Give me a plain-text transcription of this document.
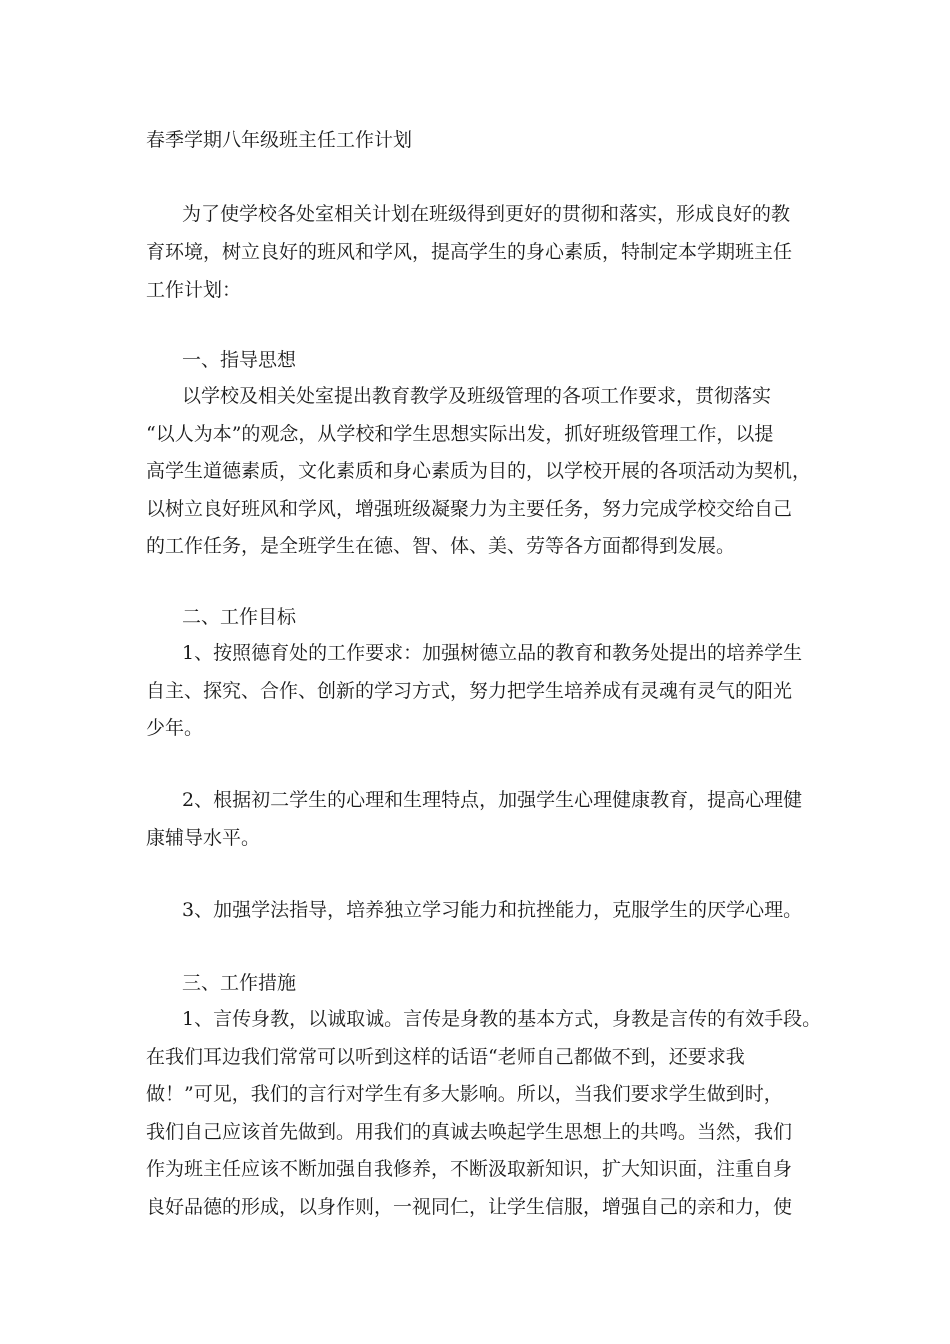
春季学期八年级班主任工作计划
为了使学校各处室相关计划在班级得到更好的贯彻和落实，形成良好的教
育环境，树立良好的班风和学风，提高学生的身心素质，特制定本学期班主任
工作计划：
一、指导思想
以学校及相关处室提出教育教学及班级管理的各项工作要求，贯彻落实
“以人为本”的观念，从学校和学生思想实际出发，抓好班级管理工作，以提
高学生道德素质，文化素质和身心素质为目的，以学校开展的各项活动为契机，
以树立良好班风和学风，增强班级凝聚力为主要任务，努力完成学校交给自己
的工作任务，是全班学生在德、智、体、美、劳等各方面都得到发展。
二、工作目标
1、按照德育处的工作要求：加强树德立品的教育和教务处提出的培养学生
自主、探究、合作、创新的学习方式，努力把学生培养成有灵魂有灵气的阳光
少年。
2、根据初二学生的心理和生理特点，加强学生心理健康教育，提高心理健
康辅导水平。
3、加强学法指导，培养独立学习能力和抗挫能力，克服学生的厌学心理。
三、工作措施
1、言传身教，以诚取诚。言传是身教的基本方式，身教是言传的有效手段。
在我们耳边我们常常可以听到这样的话语“老师自己都做不到，还要求我
做！”可见，我们的言行对学生有多大影响。所以，当我们要求学生做到时，
我们自己应该首先做到。用我们的真诚去唤起学生思想上的共鸣。当然，我们
作为班主任应该不断加强自我修养，不断汲取新知识，扩大知识面，注重自身
良好品德的形成，以身作则，一视同仁，让学生信服，增强自己的亲和力，使
